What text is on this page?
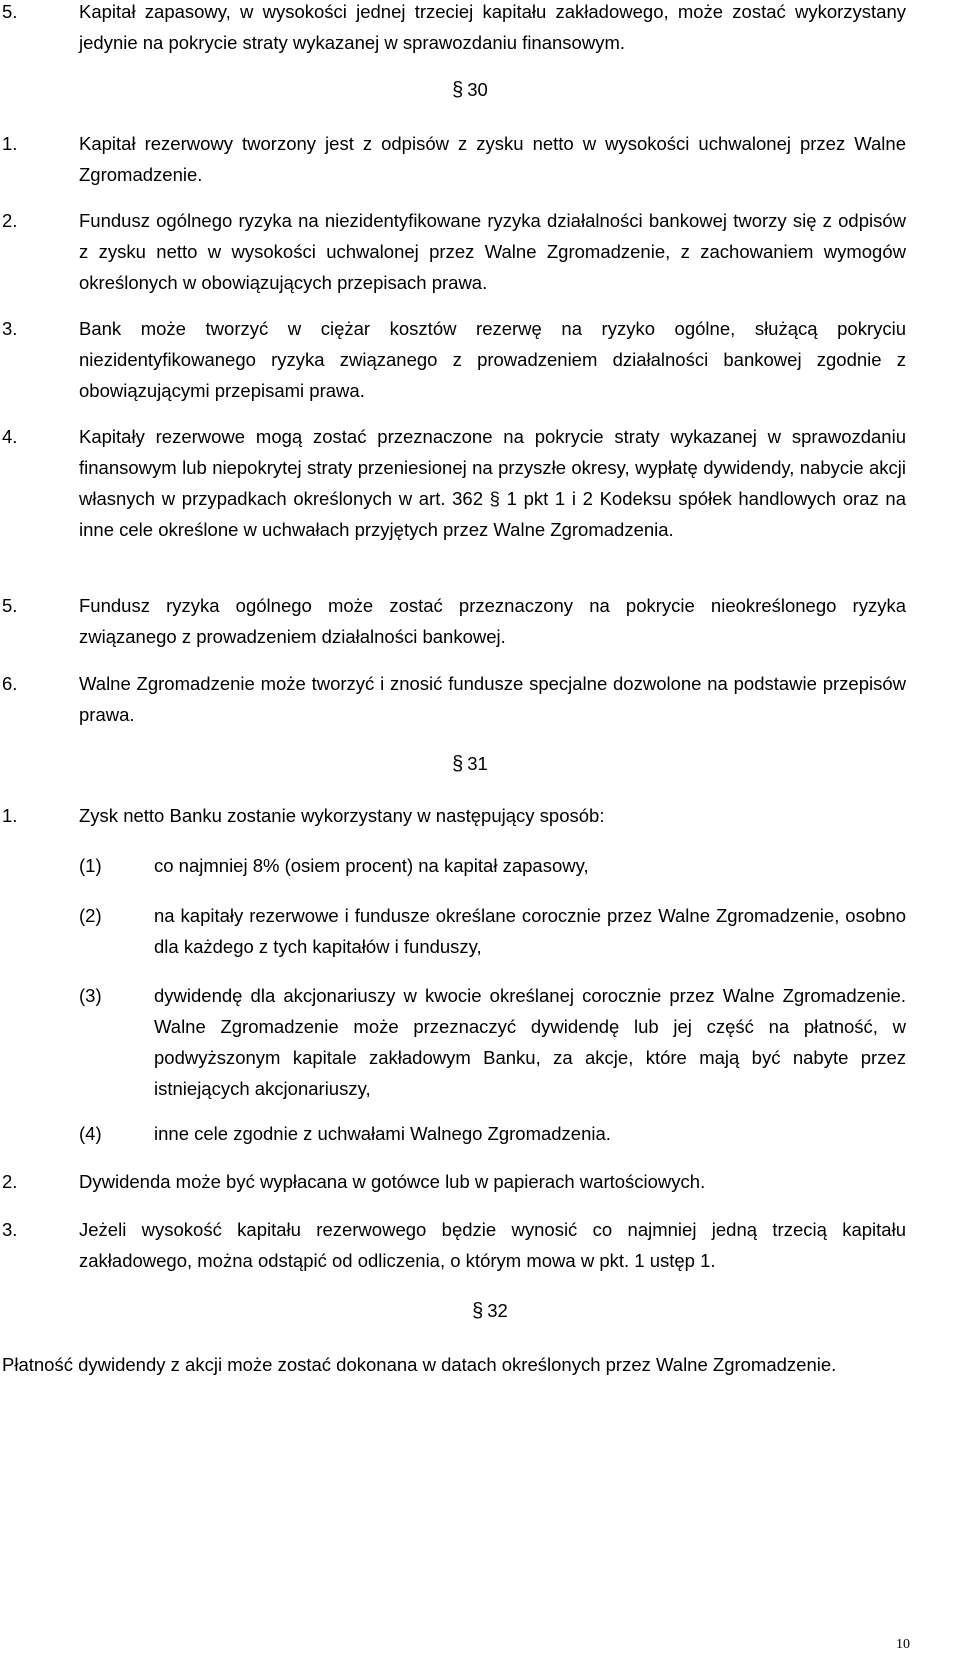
5.	Kapitał zapasowy, w wysokości jednej trzeciej kapitału zakładowego, może zostać wykorzystany jedynie na pokrycie straty wykazanej w sprawozdaniu finansowym.
§ 30
1.	Kapitał rezerwowy tworzony jest z odpisów z zysku netto w wysokości uchwalonej przez Walne Zgromadzenie.
2.	Fundusz ogólnego ryzyka na niezidentyfikowane ryzyka działalności bankowej tworzy się z odpisów z zysku netto w wysokości uchwalonej przez Walne Zgromadzenie, z zachowaniem wymogów określonych w obowiązujących przepisach prawa.
3.	Bank może tworzyć w ciężar kosztów rezerwę na ryzyko ogólne, służącą pokryciu niezidentyfikowanego ryzyka związanego z prowadzeniem działalności bankowej zgodnie z obowiązującymi przepisami prawa.
4.	Kapitały rezerwowe mogą zostać przeznaczone na pokrycie straty wykazanej w sprawozdaniu finansowym lub niepokrytej straty przeniesionej na przyszłe okresy, wypłatę dywidendy, nabycie akcji własnych w przypadkach określonych w art. 362 § 1 pkt 1 i 2 Kodeksu spółek handlowych oraz na inne cele określone w uchwałach przyjętych przez Walne Zgromadzenia.
5.	Fundusz ryzyka ogólnego może zostać przeznaczony na pokrycie nieokreślonego ryzyka związanego z prowadzeniem działalności bankowej.
6.	Walne Zgromadzenie może tworzyć i znosić fundusze specjalne dozwolone na podstawie przepisów prawa.
§ 31
1.	Zysk netto Banku zostanie wykorzystany w następujący sposób:
(1)	co najmniej 8% (osiem procent) na kapitał zapasowy,
(2)	na kapitały rezerwowe i fundusze określane corocznie przez Walne Zgromadzenie, osobno dla każdego z tych kapitałów i funduszy,
(3)	dywidendę dla akcjonariuszy w kwocie określanej corocznie przez Walne Zgromadzenie. Walne Zgromadzenie może przeznaczyć dywidendę lub jej część na płatność, w podwyższonym kapitale zakładowym Banku, za akcje, które mają być nabyte przez istniejących akcjonariuszy,
(4)	inne cele zgodnie z uchwałami Walnego Zgromadzenia.
2.	Dywidenda może być wypłacana w gotówce lub w papierach wartościowych.
3.	Jeżeli wysokość kapitału rezerwowego będzie wynosić co najmniej jedną trzecią kapitału zakładowego, można odstąpić od odliczenia, o którym mowa w pkt. 1 ustęp 1.
§ 32
Płatność dywidendy z akcji może zostać dokonana w datach określonych przez Walne Zgromadzenie.
10
